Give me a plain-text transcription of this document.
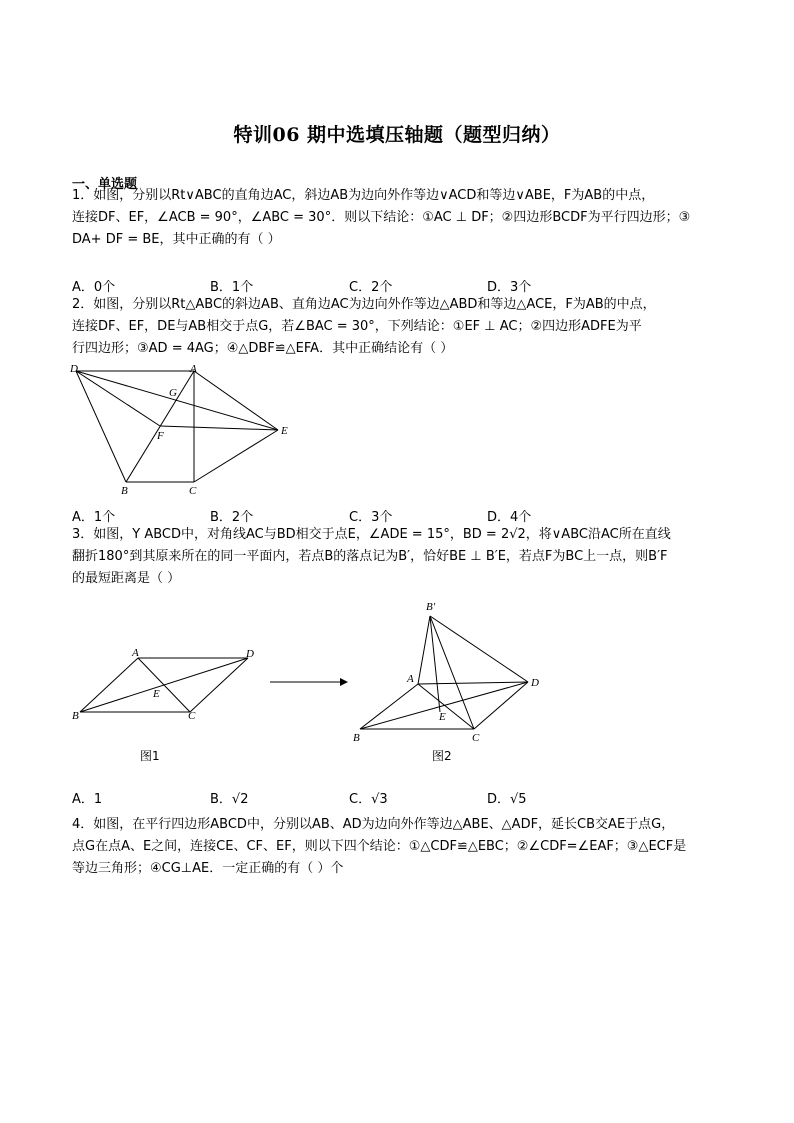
特训06 期中选填压轴题（题型归纳）
一、单选题
1．如图，分别以Rt∨ABC的直角边AC，斜边AB为边向外作等边∨ACD和等边∨ABE，F为AB的中点，
连接DF、EF，∠ACB = 90°，∠ABC = 30°．则以下结论：①AC ⊥ DF；②四边形BCDF为平行四边形；③
DA+ DF = BE，其中正确的有（ ）
A．0个	B．1个	C．2个	D．3个
2．如图，分别以Rt△ABC的斜边AB、直角边AC为边向外作等边△ABD和等边△ACE，F为AB的中点，
连接DF、EF，DE与AB相交于点G，若∠BAC = 30°，下列结论：①EF ⊥ AC；②四边形ADFE为平
行四边形；③AD = 4AG；④△DBF≌△EFA．其中正确结论有（ ）
D	A
G
F	E
B	C
A．1个	B．2个	C．3个	D．4个
3．如图，Y ABCD中，对角线AC与BD相交于点E，∠ADE = 15°，BD = 2√2，将∨ABC沿AC所在直线
翻折180°到其原来所在的同一平面内，若点B的落点记为B′，恰好BE ⊥ B′E，若点F为BC上一点，则B′F
的最短距离是（ ）
A	D
E
B	C
B′
A	D
E
B	C
图1	图2
A．1	B．√2	C．√3	D．√5
4．如图，在平行四边形ABCD中，分别以AB、AD为边向外作等边△ABE、△ADF，延长CB交AE于点G，
点G在点A、E之间，连接CE、CF、EF，则以下四个结论：①△CDF≌△EBC；②∠CDF=∠EAF；③△ECF是
等边三角形；④CG⊥AE．一定正确的有（ ）个
